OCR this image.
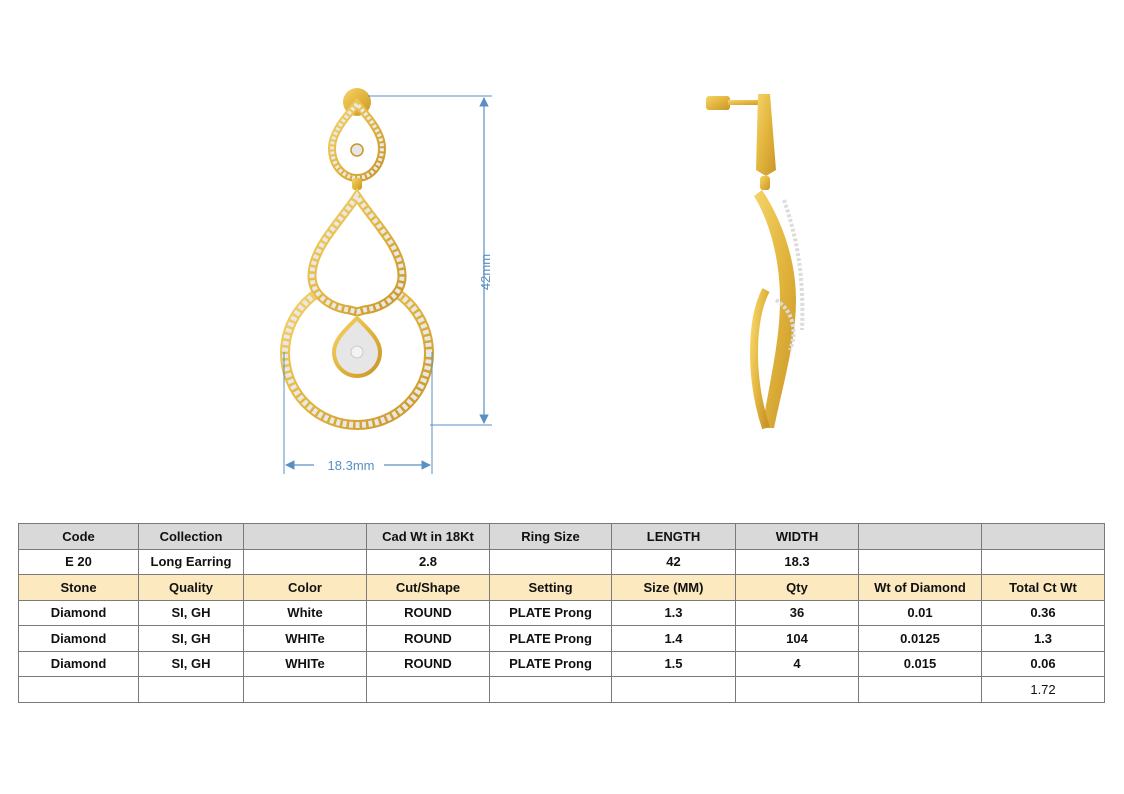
42mm
18.3mm
Code	Collection		Cad Wt in 18Kt	Ring Size	LENGTH	WIDTH		
E 20	Long Earring		2.8		42	18.3		
Stone	Quality	Color	Cut/Shape	Setting	Size (MM)	Qty	Wt of Diamond	Total Ct Wt
Diamond	SI, GH	White	ROUND	PLATE Prong	1.3	36	0.01	0.36
Diamond	SI, GH	WHITe	ROUND	PLATE Prong	1.4	104	0.0125	1.3
Diamond	SI, GH	WHITe	ROUND	PLATE Prong	1.5	4	0.015	0.06
								1.72
